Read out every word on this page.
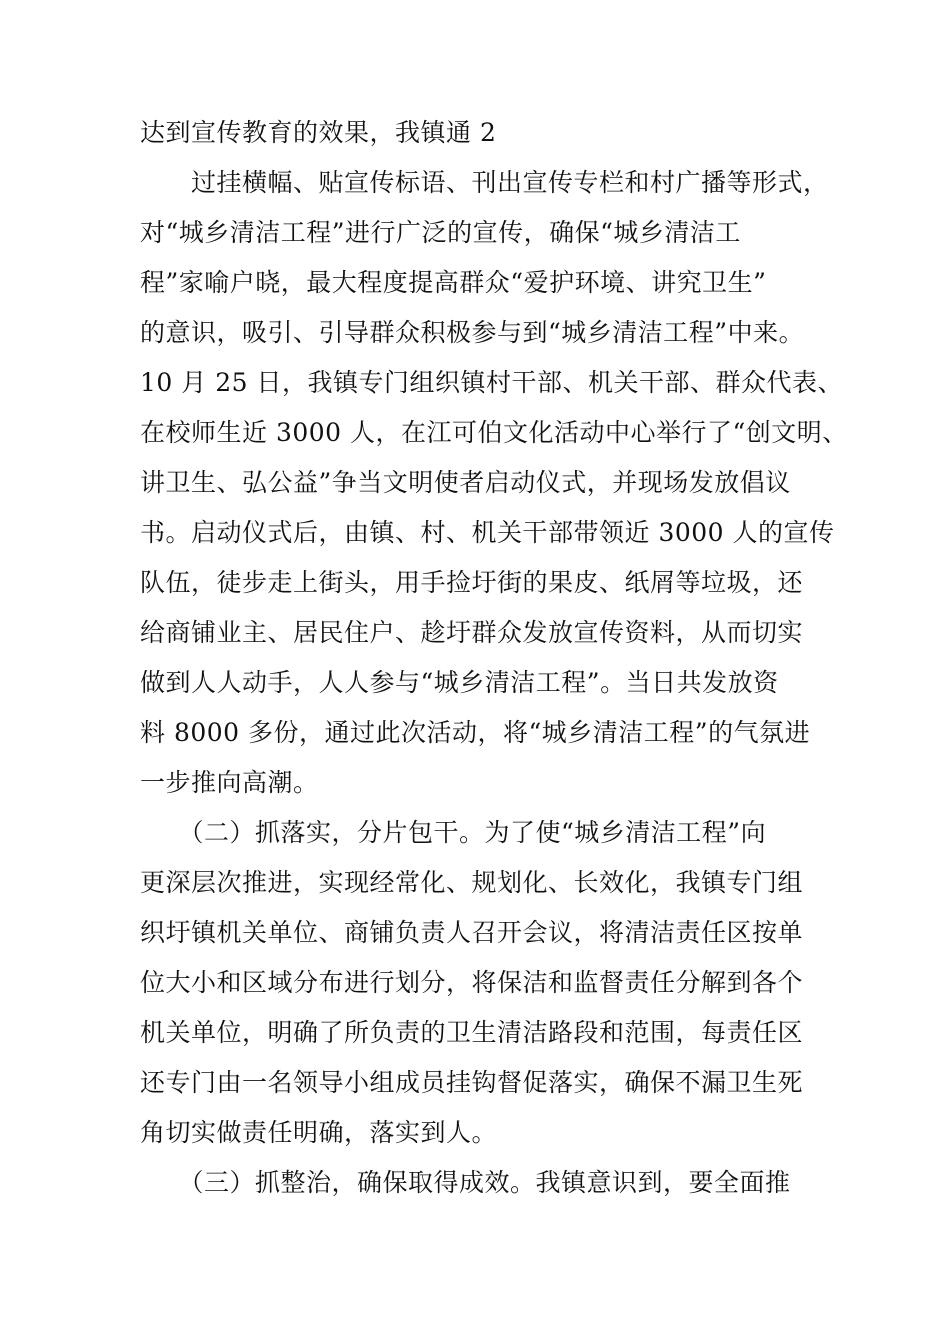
达到宣传教育的效果，我镇通 2
　　过挂横幅、贴宣传标语、刊出宣传专栏和村广播等形式，
对“城乡清洁工程”进行广泛的宣传，确保“城乡清洁工
程”家喻户晓，最大程度提高群众“爱护环境、讲究卫生”
的意识，吸引、引导群众积极参与到“城乡清洁工程”中来。
10 月 25 日，我镇专门组织镇村干部、机关干部、群众代表、
在校师生近 3000 人，在江可伯文化活动中心举行了“创文明、
讲卫生、弘公益”争当文明使者启动仪式，并现场发放倡议
书。启动仪式后，由镇、村、机关干部带领近 3000 人的宣传
队伍，徒步走上街头，用手捡圩街的果皮、纸屑等垃圾，还
给商铺业主、居民住户、趁圩群众发放宣传资料，从而切实
做到人人动手，人人参与“城乡清洁工程”。当日共发放资
料 8000 多份，通过此次活动，将“城乡清洁工程”的气氛进
一步推向高潮。
　　（二）抓落实，分片包干。为了使“城乡清洁工程”向
更深层次推进，实现经常化、规划化、长效化，我镇专门组
织圩镇机关单位、商铺负责人召开会议，将清洁责任区按单
位大小和区域分布进行划分，将保洁和监督责任分解到各个
机关单位，明确了所负责的卫生清洁路段和范围，每责任区
还专门由一名领导小组成员挂钩督促落实，确保不漏卫生死
角切实做责任明确，落实到人。
　　（三）抓整治，确保取得成效。我镇意识到，要全面推
